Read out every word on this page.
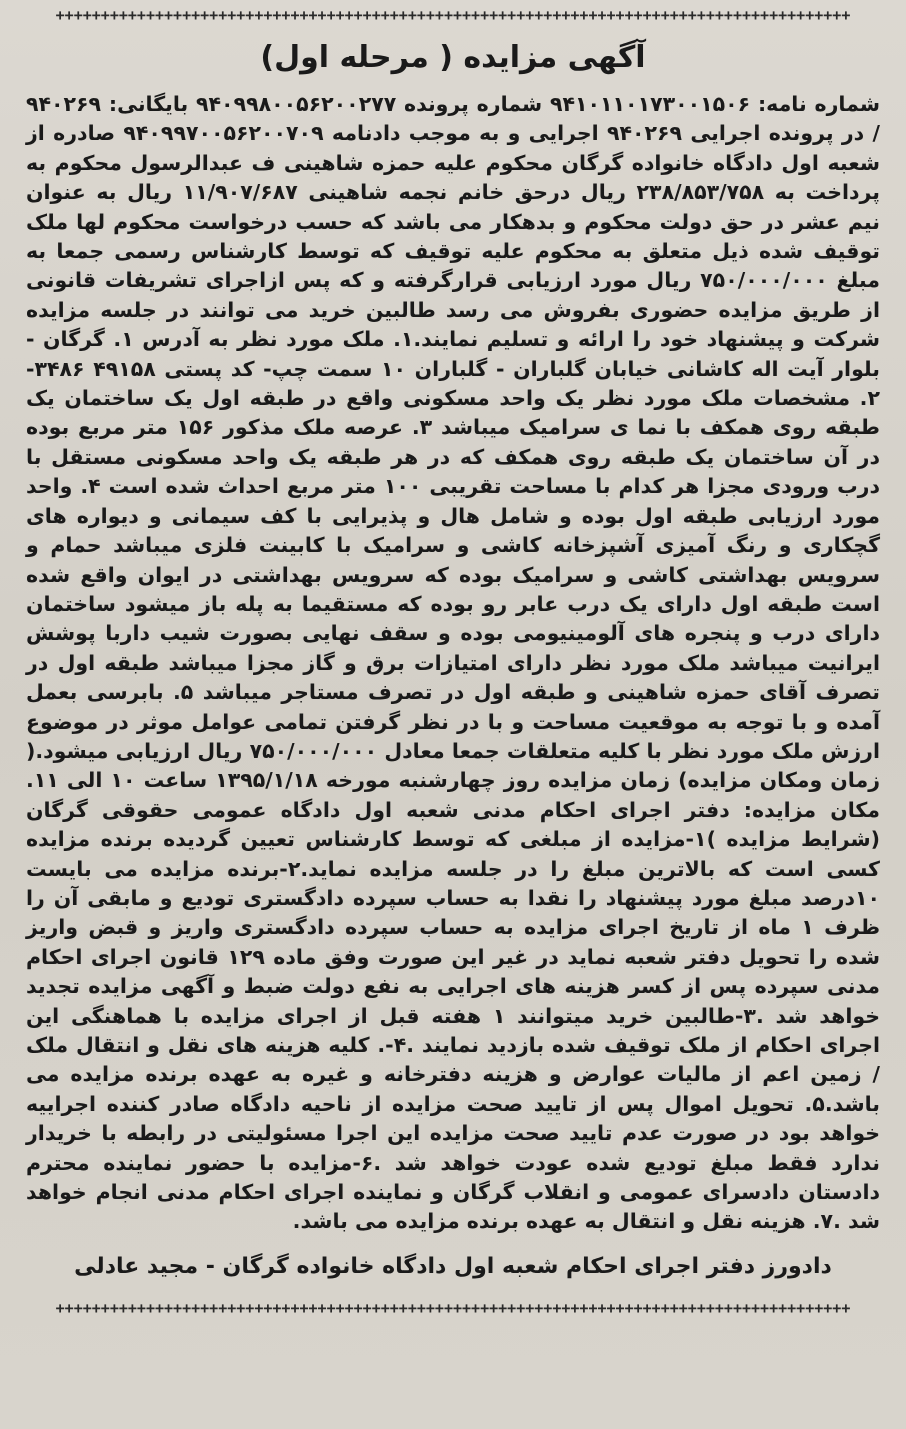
++++++++++++++++++++++++++++++++++++++++++++++++++++++++++++++++++++++++++++++++++++++++
آگهی مزایده ( مرحله اول)

شماره نامه: ۹۴۱۰۱۱۰۱۷۳۰۰۱۵۰۶ شماره پرونده ۹۴۰۹۹۸۰۰۵۶۲۰۰۲۷۷ بایگانی: ۹۴۰۲۶۹ / در پرونده اجرایی ۹۴۰۲۶۹ اجرایی و به موجب دادنامه ۹۴۰۹۹۷۰۰۵۶۲۰۰۷۰۹ صادره از شعبه اول دادگاه خانواده گرگان محکوم علیه حمزه شاهینی ف عبدالرسول محکوم به پرداخت به ۲۳۸/۸۵۳/۷۵۸ ریال درحق خانم نجمه شاهینی ۱۱/۹۰۷/۶۸۷ ریال به عنوان نیم عشر در حق دولت محکوم و بدهکار می باشد که حسب درخواست محکوم لها ملک توقیف شده ذیل متعلق به محکوم علیه توقیف که توسط کارشناس رسمی جمعا به مبلغ ۷۵۰/۰۰۰/۰۰۰ ریال مورد ارزیابی قرارگرفته و که پس ازاجرای تشریفات قانونی از طریق مزایده حضوری بفروش می رسد طالبین خرید می توانند در جلسه مزایده شرکت و پیشنهاد خود را ارائه و تسلیم نمایند.۱. ملک مورد نظر به آدرس ۱. گرگان - بلوار آیت اله کاشانی خیابان گلباران - گلباران ۱۰ سمت چپ- کد پستی ۴۹۱۵۸ ۳۴۸۶- ۲. مشخصات ملک مورد نظر یک واحد مسکونی واقع در طبقه اول یک ساختمان یک طبقه روی همکف با نما ی سرامیک میباشد ۳. عرصه ملک مذکور ۱۵۶ متر مربع بوده در آن ساختمان یک طبقه روی همکف که در هر طبقه یک واحد مسکونی مستقل با درب ورودی مجزا هر کدام با مساحت تقریبی ۱۰۰ متر مربع احداث شده است ۴. واحد مورد ارزیابی طبقه اول بوده و شامل هال و پذیرایی با کف سیمانی و دیواره های گچکاری و رنگ آمیزی آشپزخانه کاشی و سرامیک با کابینت فلزی میباشد حمام و سرویس بهداشتی کاشی و سرامیک بوده که سرویس بهداشتی در ایوان واقع شده است طبقه اول دارای یک درب عابر رو بوده که مستقیما به پله باز میشود ساختمان دارای درب و پنجره های آلومینیومی بوده و سقف نهایی بصورت شیب داربا پوشش ایرانیت میباشد ملک مورد نظر دارای امتیازات برق و گاز مجزا میباشد طبقه اول در تصرف آقای حمزه شاهینی و طبقه اول در تصرف مستاجر میباشد ۵. بابرسی بعمل آمده و با توجه به موقعیت مساحت و با در نظر گرفتن تمامی عوامل موثر در موضوع ارزش ملک مورد نظر با کلیه متعلقات جمعا معادل ۷۵۰/۰۰۰/۰۰۰ ریال ارزیابی میشود.( زمان ومکان مزایده) زمان مزایده روز چهارشنبه مورخه ۱۳۹۵/۱/۱۸ ساعت ۱۰ الی ۱۱. مکان مزایده: دفتر اجرای احکام مدنی شعبه اول دادگاه عمومی حقوقی گرگان (شرایط مزایده )۱-مزایده از مبلغی که توسط کارشناس تعیین گردیده برنده مزایده کسی است که بالاترین مبلغ را در جلسه مزایده نماید.۲-برنده مزایده می بایست ۱۰درصد مبلغ مورد پیشنهاد را نقدا به حساب سپرده دادگستری تودیع و مابقی آن را ظرف ۱ ماه از تاریخ اجرای مزایده به حساب سپرده دادگستری واریز و قبض واریز شده را تحویل دفتر شعبه نماید در غیر این صورت وفق ماده ۱۲۹ قانون اجرای احکام مدنی سپرده پس از کسر هزینه های اجرایی به نفع دولت ضبط و آگهی مزایده تجدید خواهد شد .۳-طالبین خرید میتوانند ۱ هفته قبل از اجرای مزایده با هماهنگی این اجرای احکام از ملک توقیف شده بازدید نمایند .۴-. کلیه هزینه های نقل و انتقال ملک / زمین اعم از مالیات عوارض و هزینه دفترخانه و غیره به عهده برنده مزایده می باشد.۵. تحویل اموال پس از تایید صحت مزایده از ناحیه دادگاه صادر کننده اجراییه خواهد بود در صورت عدم تایید صحت مزایده این اجرا مسئولیتی در رابطه با خریدار ندارد فقط مبلغ تودیع شده عودت خواهد شد .۶-مزایده با حضور نماینده محترم دادستان دادسرای عمومی و انقلاب گرگان و نماینده اجرای احکام مدنی انجام خواهد شد .۷. هزینه نقل و انتقال به عهده برنده مزایده می باشد.

دادورز دفتر اجرای احکام شعبه اول دادگاه خانواده گرگان - مجید عادلی
++++++++++++++++++++++++++++++++++++++++++++++++++++++++++++++++++++++++++++++++++++++++
